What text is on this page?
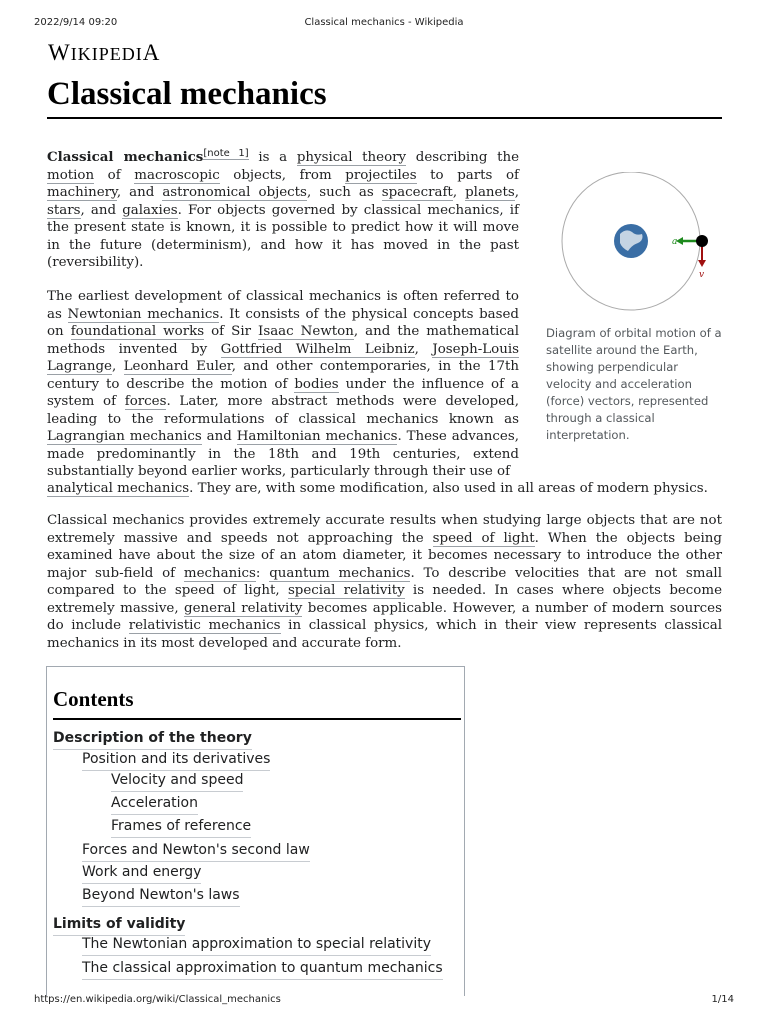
2022/9/14 09:20	Classical mechanics - Wikipedia
WIKIPEDIA
Classical mechanics

Classical mechanics[note 1] is a physical theory describing the motion of macroscopic objects, from projectiles to parts of machinery, and astronomical objects, such as spacecraft, planets, stars, and galaxies. For objects governed by classical mechanics, if the present state is known, it is possible to predict how it will move in the future (determinism), and how it has moved in the past (reversibility).

a
v

Diagram of orbital motion of a satellite around the Earth, showing perpendicular velocity and acceleration (force) vectors, represented through a classical interpretation.

The earliest development of classical mechanics is often referred to as Newtonian mechanics. It consists of the physical concepts based on foundational works of Sir Isaac Newton, and the mathematical methods invented by Gottfried Wilhelm Leibniz, Joseph-Louis Lagrange, Leonhard Euler, and other contemporaries, in the 17th century to describe the motion of bodies under the influence of a system of forces. Later, more abstract methods were developed, leading to the reformulations of classical mechanics known as Lagrangian mechanics and Hamiltonian mechanics. These advances, made predominantly in the 18th and 19th centuries, extend substantially beyond earlier works, particularly through their use of

analytical mechanics. They are, with some modification, also used in all areas of modern physics.

Classical mechanics provides extremely accurate results when studying large objects that are not extremely massive and speeds not approaching the speed of light. When the objects being examined have about the size of an atom diameter, it becomes necessary to introduce the other major sub-field of mechanics: quantum mechanics. To describe velocities that are not small compared to the speed of light, special relativity is needed. In cases where objects become extremely massive, general relativity becomes applicable. However, a number of modern sources do include relativistic mechanics in classical physics, which in their view represents classical mechanics in its most developed and accurate form.

Contents
Description of the theory
Position and its derivatives
Velocity and speed
Acceleration
Frames of reference
Forces and Newton's second law
Work and energy
Beyond Newton's laws
Limits of validity
The Newtonian approximation to special relativity
The classical approximation to quantum mechanics
https://en.wikipedia.org/wiki/Classical_mechanics	1/14
